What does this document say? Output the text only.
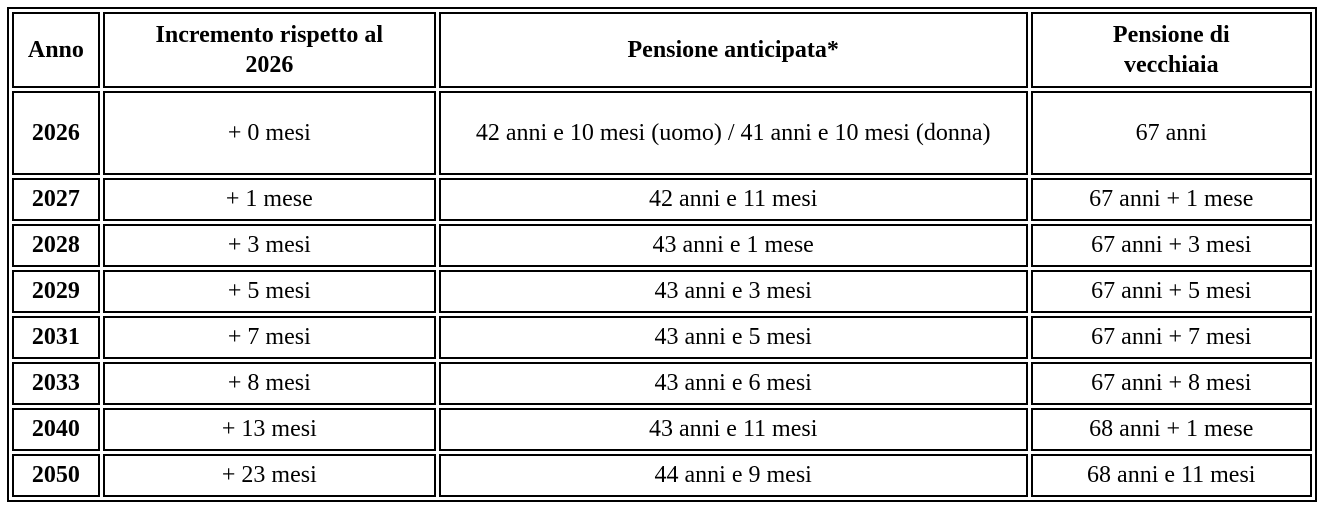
Anno	Incremento rispetto al 2026	Pensione anticipata*	Pensione di vecchiaia
2026	+ 0 mesi	42 anni e 10 mesi (uomo) / 41 anni e 10 mesi (donna)	67 anni
2027	+ 1 mese	42 anni e 11 mesi	67 anni + 1 mese
2028	+ 3 mesi	43 anni e 1 mese	67 anni + 3 mesi
2029	+ 5 mesi	43 anni e 3 mesi	67 anni + 5 mesi
2031	+ 7 mesi	43 anni e 5 mesi	67 anni + 7 mesi
2033	+ 8 mesi	43 anni e 6 mesi	67 anni + 8 mesi
2040	+ 13 mesi	43 anni e 11 mesi	68 anni + 1 mese
2050	+ 23 mesi	44 anni e 9 mesi	68 anni e 11 mesi
